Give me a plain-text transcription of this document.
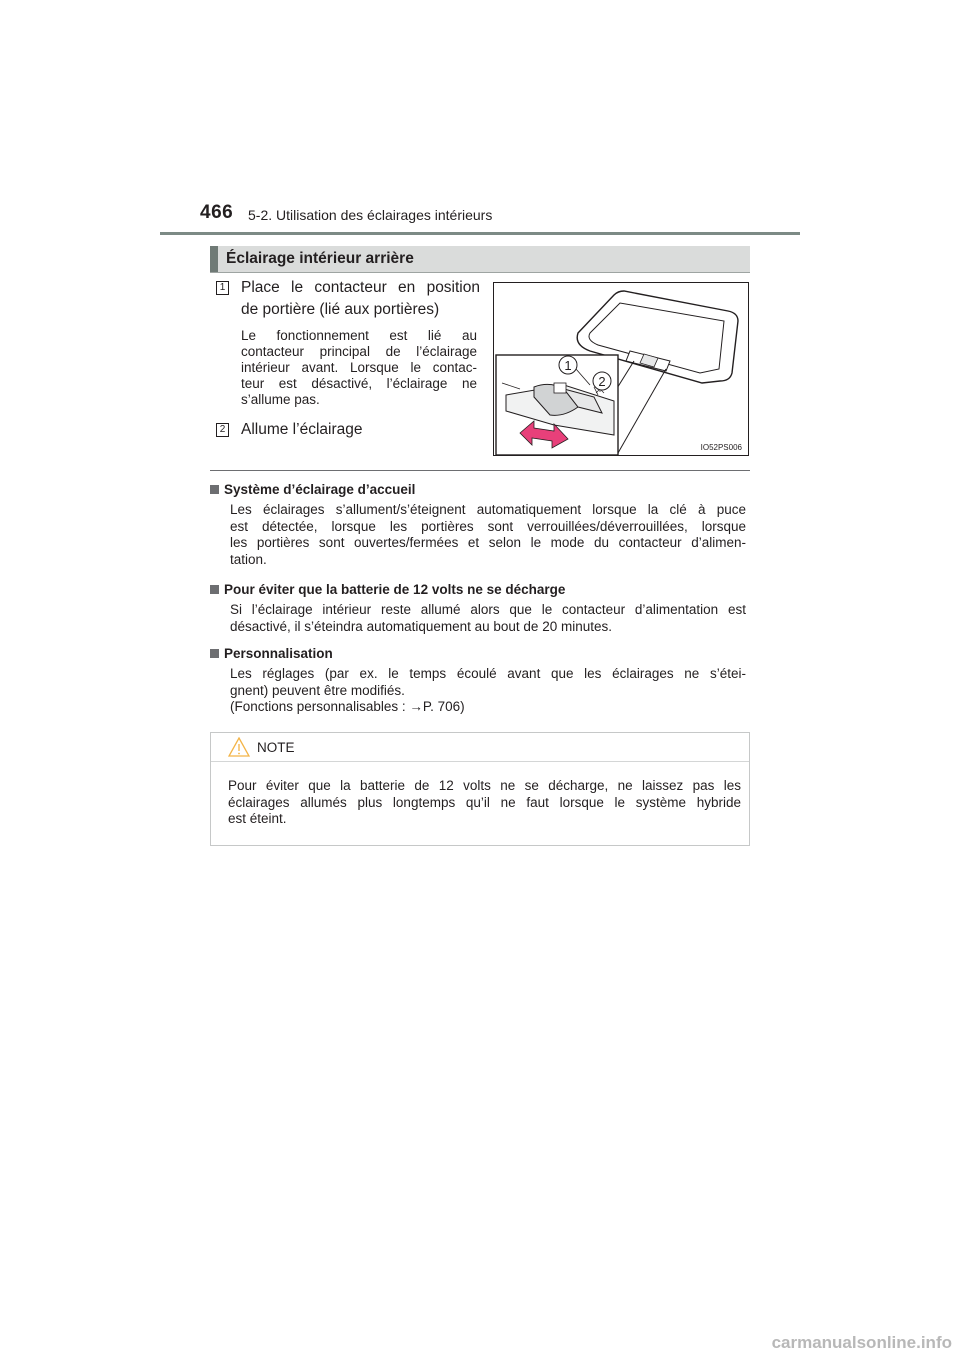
466 5-2. Utilisation des éclairages intérieurs
Éclairage intérieur arrière
1 Place le contacteur en position
de portière (lié aux portières)
Le fonctionnement est lié au
contacteur principal de l’éclairage
intérieur avant. Lorsque le contac-
teur est désactivé, l’éclairage ne
s’allume pas.
2 Allume l’éclairage
1
2
IO52PS006
Système d’éclairage d’accueil
Les éclairages s’allument/s’éteignent automatiquement lorsque la clé à puce
est détectée, lorsque les portières sont verrouillées/déverrouillées, lorsque
les portières sont ouvertes/fermées et selon le mode du contacteur d’alimen-
tation.
Pour éviter que la batterie de 12 volts ne se décharge
Si l’éclairage intérieur reste allumé alors que le contacteur d’alimentation est
désactivé, il s’éteindra automatiquement au bout de 20 minutes.
Personnalisation
Les réglages (par ex. le temps écoulé avant que les éclairages ne s’étei-
gnent) peuvent être modifiés.
(Fonctions personnalisables : →P. 706)
NOTE
Pour éviter que la batterie de 12 volts ne se décharge, ne laissez pas les
éclairages allumés plus longtemps qu’il ne faut lorsque le système hybride
est éteint.
carmanualsonline.info
